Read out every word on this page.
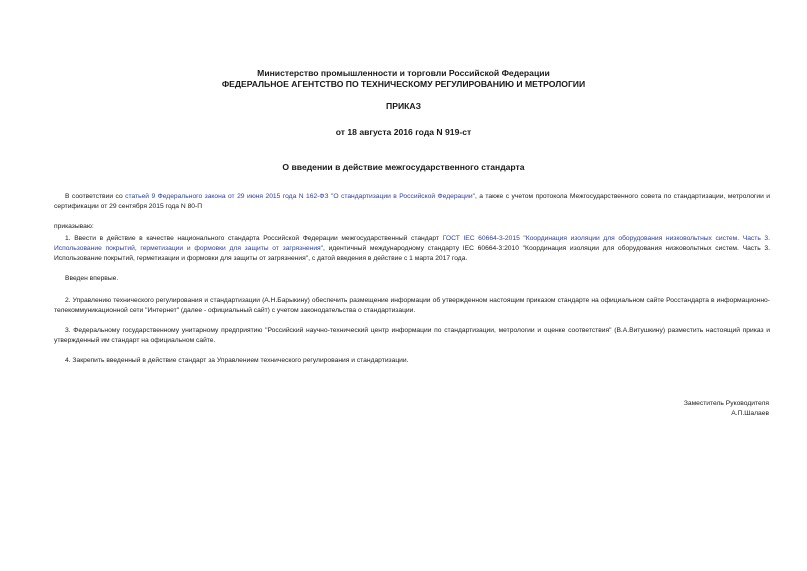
Министерство промышленности и торговли Российской Федерации
ФЕДЕРАЛЬНОЕ АГЕНТСТВО ПО ТЕХНИЧЕСКОМУ РЕГУЛИРОВАНИЮ И МЕТРОЛОГИИ
ПРИКАЗ
от 18 августа 2016 года N 919-ст
О введении в действие межгосударственного стандарта
В соответствии со статьей 9 Федерального закона от 29 июня 2015 года N 162-ФЗ "О стандартизации в Российской Федерации", а также с учетом протокола Межгосударственного совета по стандартизации, метрологии и сертификации от 29 сентября 2015 года N 80-П
приказываю:
1. Ввести в действие в качестве национального стандарта Российской Федерации межгосударственный стандарт ГОСТ IEC 60664-3-2015 "Координация изоляции для оборудования низковольтных систем. Часть 3. Использование покрытий, герметизации и формовки для защиты от загрязнения", идентичный международному стандарту IEC 60664-3:2010 "Координация изоляции для оборудования низковольтных систем. Часть 3. Использование покрытий, герметизации и формовки для защиты от загрязнения", с датой введения в действие с 1 марта 2017 года.
Введен впервые.
2. Управлению технического регулирования и стандартизации (А.Н.Барыкину) обеспечить размещение информации об утвержденном настоящим приказом стандарте на официальном сайте Росстандарта в информационно-телекоммуникационной сети "Интернет" (далее - официальный сайт) с учетом законодательства о стандартизации.
3. Федеральному государственному унитарному предприятию "Российский научно-технический центр информации по стандартизации, метрологии и оценке соответствия" (В.А.Витушкину) разместить настоящий приказ и утвержденный им стандарт на официальном сайте.
4. Закрепить введенный в действие стандарт за Управлением технического регулирования и стандартизации.
Заместитель Руководителя
А.П.Шалаев
